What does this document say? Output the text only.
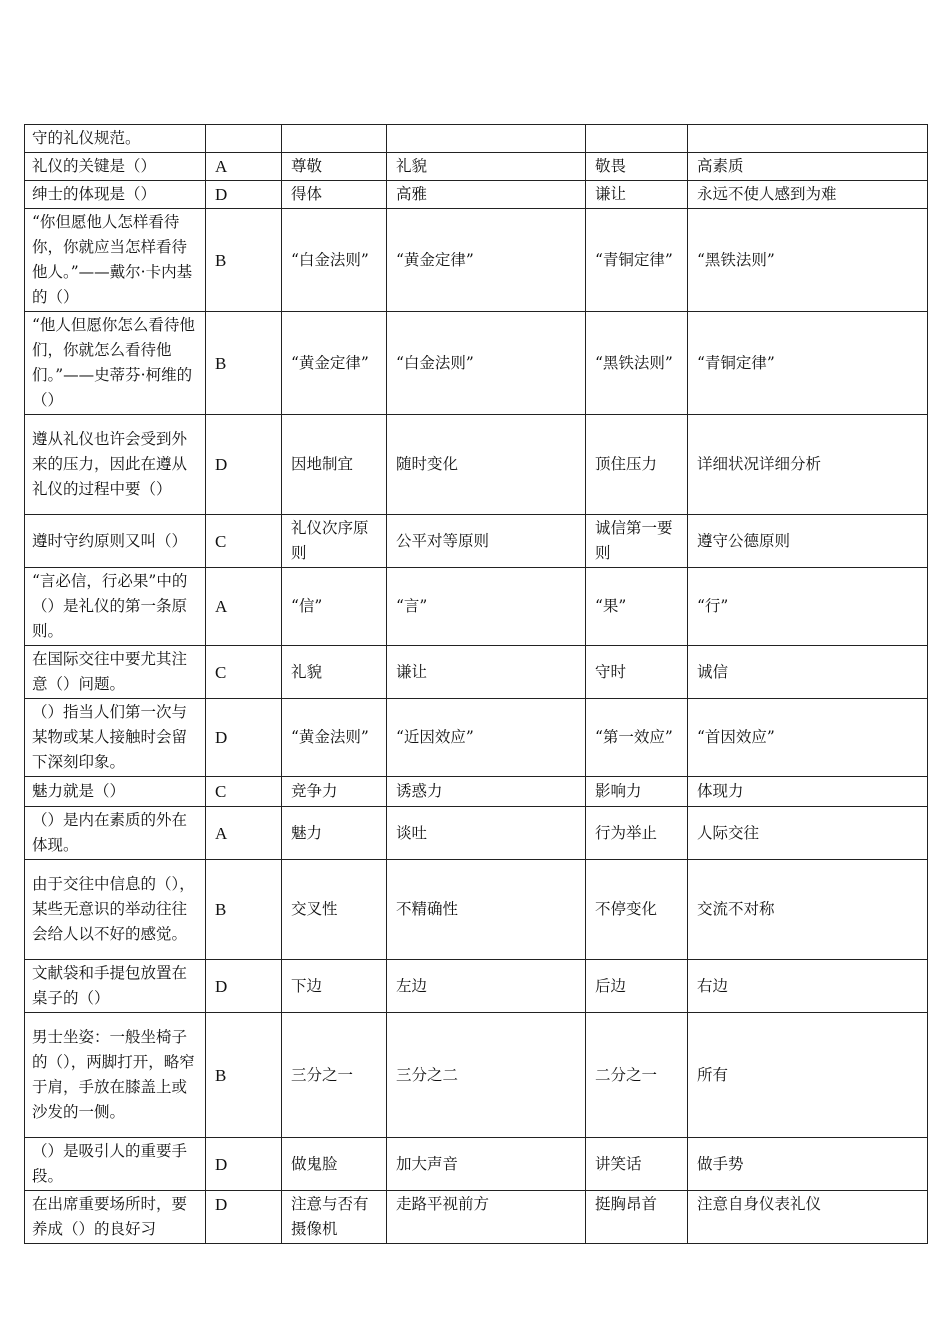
守的礼仪规范。					
礼仪的关键是（）	A	尊敬	礼貌	敬畏	高素质
绅士的体现是（）	D	得体	高雅	谦让	永远不使人感到为难
“你但愿他人怎样看待你，你就应当怎样看待他人。”——戴尔·卡内基的（）	B	“白金法则”	“黄金定律”	“青铜定律”	“黑铁法则”
“他人但愿你怎么看待他们，你就怎么看待他们。”——史蒂芬·柯维的（）	B	“黄金定律”	“白金法则”	“黑铁法则”	“青铜定律”
遵从礼仪也许会受到外来的压力，因此在遵从礼仪的过程中要（）	D	因地制宜	随时变化	顶住压力	详细状况详细分析
遵时守约原则又叫（）	C	礼仪次序原则	公平对等原则	诚信第一要则	遵守公德原则
“言必信，行必果”中的（）是礼仪的第一条原则。	A	“信”	“言”	“果”	“行”
在国际交往中要尤其注意（）问题。	C	礼貌	谦让	守时	诚信
（）指当人们第一次与某物或某人接触时会留下深刻印象。	D	“黄金法则”	“近因效应”	“第一效应”	“首因效应”
魅力就是（）	C	竞争力	诱惑力	影响力	体现力
（）是内在素质的外在体现。	A	魅力	谈吐	行为举止	人际交往
由于交往中信息的（），某些无意识的举动往往会给人以不好的感觉。	B	交叉性	不精确性	不停变化	交流不对称
文献袋和手提包放置在桌子的（）	D	下边	左边	后边	右边
男士坐姿：一般坐椅子的（），两脚打开，略窄于肩，手放在膝盖上或沙发的一侧。	B	三分之一	三分之二	二分之一	所有
（）是吸引人的重要手段。	D	做鬼脸	加大声音	讲笑话	做手势
在出席重要场所时，要养成（）的良好习	D	注意与否有摄像机	走路平视前方	挺胸昂首	注意自身仪表礼仪
